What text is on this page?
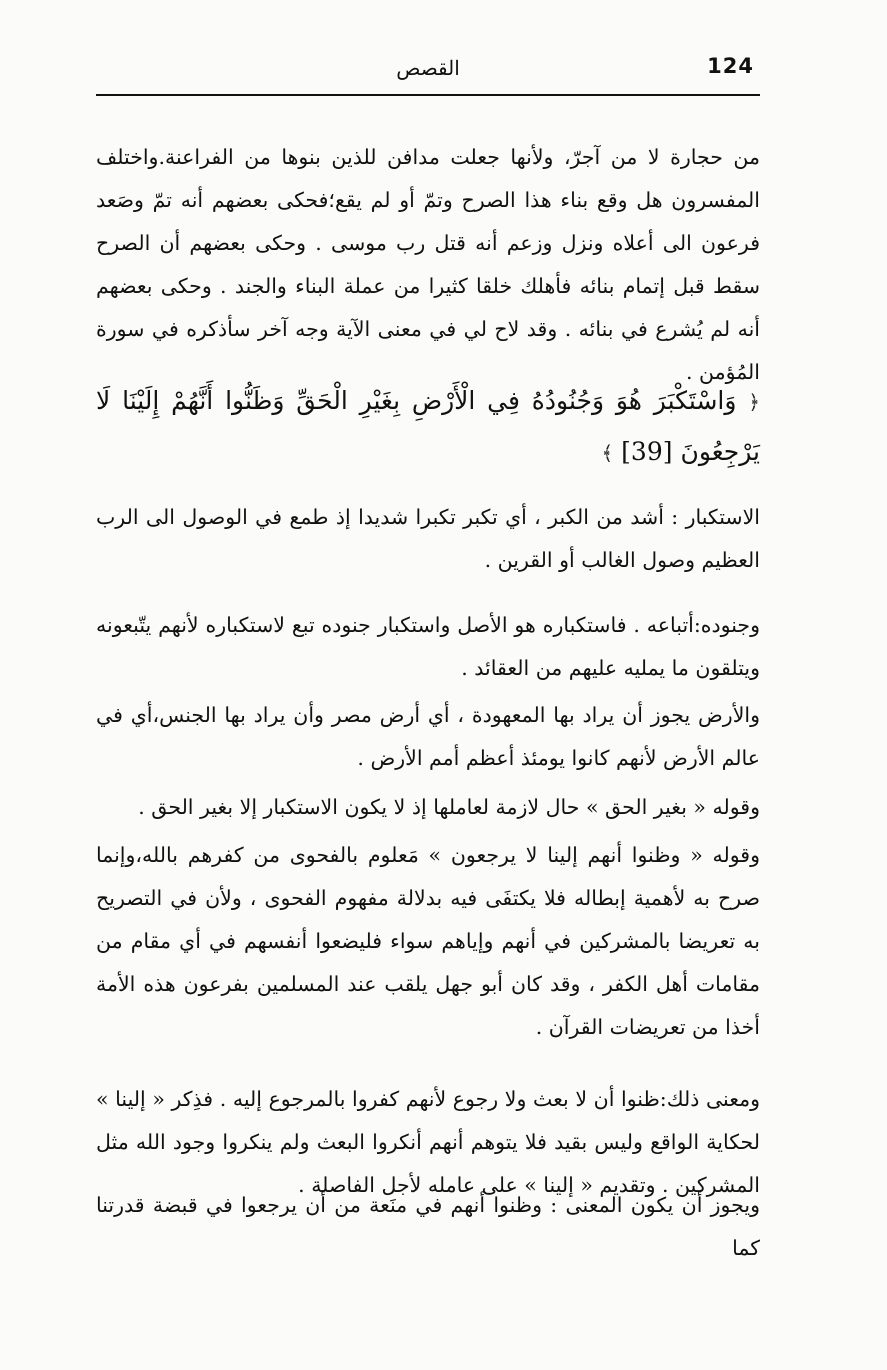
124
القصص

من حجارة لا من آجرّ، ولأنها جعلت مدافن للذين بنوها من الفراعنة.واختلف المفسرون هل وقع بناء هذا الصرح وتمّ أو لم يقع؛فحكى بعضهم أنه تمّ وصَعد فرعون الى أعلاه ونزل وزعم أنه قتل رب موسى . وحكى بعضهم أن الصرح سقط قبل إتمام بنائه فأهلك خلقا كثيرا من عملة البناء والجند . وحكى بعضهم أنه لم يُشرع في بنائه . وقد لاح لي في معنى الآية وجه آخر سأذكره في سورة المُؤمن .

﴿ وَاسْتَكْبَرَ هُوَ وَجُنُودُهُ فِي الْأَرْضِ بِغَيْرِ الْحَقِّ وَظَنُّوا أَنَّهُمْ إِلَيْنَا لَا يَرْجِعُونَ [39] ﴾

الاستكبار : أشد من الكبر ، أي تكبر تكبرا شديدا إذ طمع في الوصول الى الرب العظيم وصول الغالب أو القرين .

وجنوده:أتباعه . فاستكباره هو الأصل واستكبار جنوده تبع لاستكباره لأنهم يتّبعونه ويتلقون ما يمليه عليهم من العقائد .

والأرض يجوز أن يراد بها المعهودة ، أي أرض مصر وأن يراد بها الجنس،أي في عالم الأرض لأنهم كانوا يومئذ أعظم أمم الأرض .

وقوله « بغير الحق » حال لازمة لعاملها إذ لا يكون الاستكبار إلا بغير الحق .

وقوله « وظنوا أنهم إلينا لا يرجعون » مَعلوم بالفحوى من كفرهم بالله،وإنما صرح به لأهمية إبطاله فلا يكتفَى فيه بدلالة مفهوم الفحوى ، ولأن في التصريح به تعريضا بالمشركين في أنهم وإياهم سواء فليضعوا أنفسهم في أي مقام من مقامات أهل الكفر ، وقد كان أبو جهل يلقب عند المسلمين بفرعون هذه الأمة أخذا من تعريضات القرآن .

ومعنى ذلك:ظنوا أن لا بعث ولا رجوع لأنهم كفروا بالمرجوع إليه . فذِكر « إلينا » لحكاية الواقع وليس بقيد فلا يتوهم أنهم أنكروا البعث ولم ينكروا وجود الله مثل المشركين . وتقديم « إلينا » على عامله لأجل الفاصلة .

ويجوز أن يكون المعنى : وظنوا أنهم في منَعة من أن يرجعوا في قبضة قدرتنا كما
